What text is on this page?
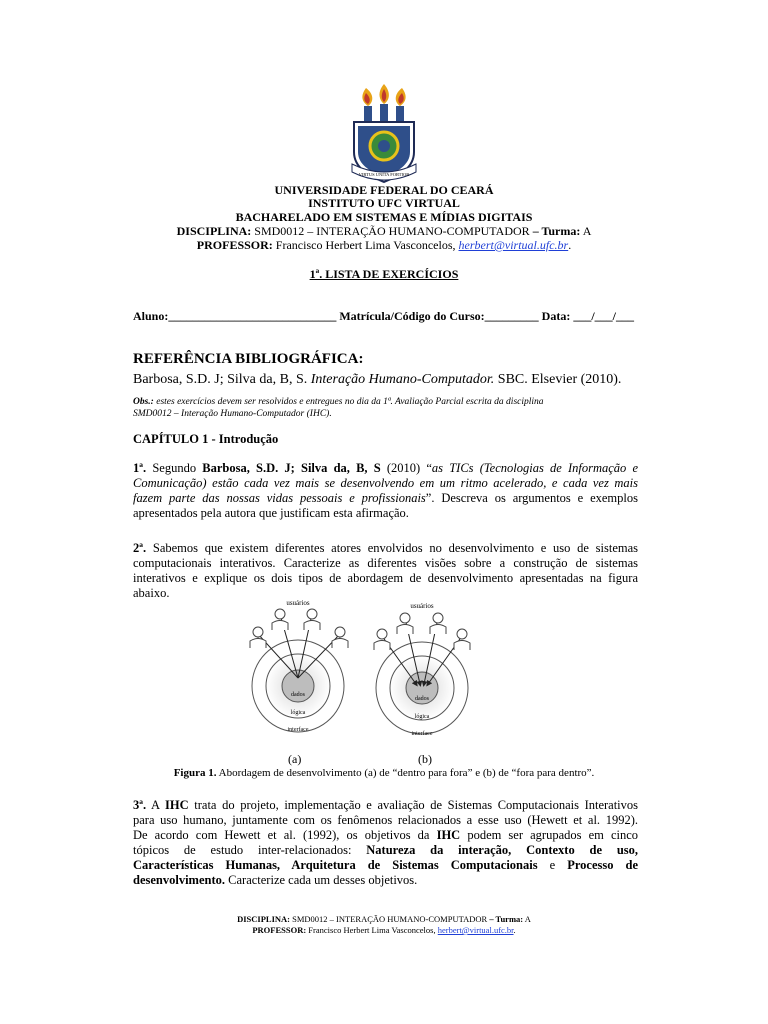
VIRTUS UNITA FORTIOR
UNIVERSIDADE FEDERAL DO CEARÁ
INSTITUTO UFC VIRTUAL
BACHARELADO EM SISTEMAS E MÍDIAS DIGITAIS
DISCIPLINA: SMD0012 – INTERAÇÃO HUMANO-COMPUTADOR – Turma: A
PROFESSOR: Francisco Herbert Lima Vasconcelos, herbert@virtual.ufc.br.
1ª. LISTA DE EXERCÍCIOS
Aluno:____________________________ Matrícula/Código do Curso:_________ Data: ___/___/___
REFERÊNCIA BIBLIOGRÁFICA:
Barbosa, S.D. J; Silva da, B, S. Interação Humano-Computador. SBC. Elsevier (2010).
Obs.: estes exercícios devem ser resolvidos e entregues no dia da 1ª. Avaliação Parcial escrita da disciplina
SMD0012 – Interação Humano-Computador (IHC).
CAPÍTULO 1 - Introdução
1ª. Segundo Barbosa, S.D. J; Silva da, B, S (2010) “as TICs (Tecnologias de Informação e
Comunicação) estão cada vez mais se desenvolvendo em um ritmo acelerado, e cada vez mais
fazem parte das nossas vidas pessoais e profissionais”. Descreva os argumentos e exemplos
apresentados pela autora que justificam esta afirmação.
2ª. Sabemos que existem diferentes atores envolvidos no desenvolvimento e uso de sistemas
computacionais interativos. Caracterize as diferentes visões sobre a construção de sistemas
interativos e explique os dois tipos de abordagem de desenvolvimento apresentadas na figura
abaixo.
usuários
dados
lógica
interface
usuários
dados
lógica
interface
(a)	(b)
Figura 1. Abordagem de desenvolvimento (a) de “dentro para fora” e (b) de “fora para dentro”.
3ª. A IHC trata do projeto, implementação e avaliação de Sistemas Computacionais Interativos
para uso humano, juntamente com os fenômenos relacionados a esse uso (Hewett et al. 1992).
De acordo com Hewett et al. (1992), os objetivos da IHC podem ser agrupados em cinco
tópicos de estudo inter-relacionados: Natureza da interação, Contexto de uso,
Características Humanas, Arquitetura de Sistemas Computacionais e Processo de
desenvolvimento. Caracterize cada um desses objetivos.
DISCIPLINA: SMD0012 – INTERAÇÃO HUMANO-COMPUTADOR – Turma: A
PROFESSOR: Francisco Herbert Lima Vasconcelos, herbert@virtual.ufc.br.
